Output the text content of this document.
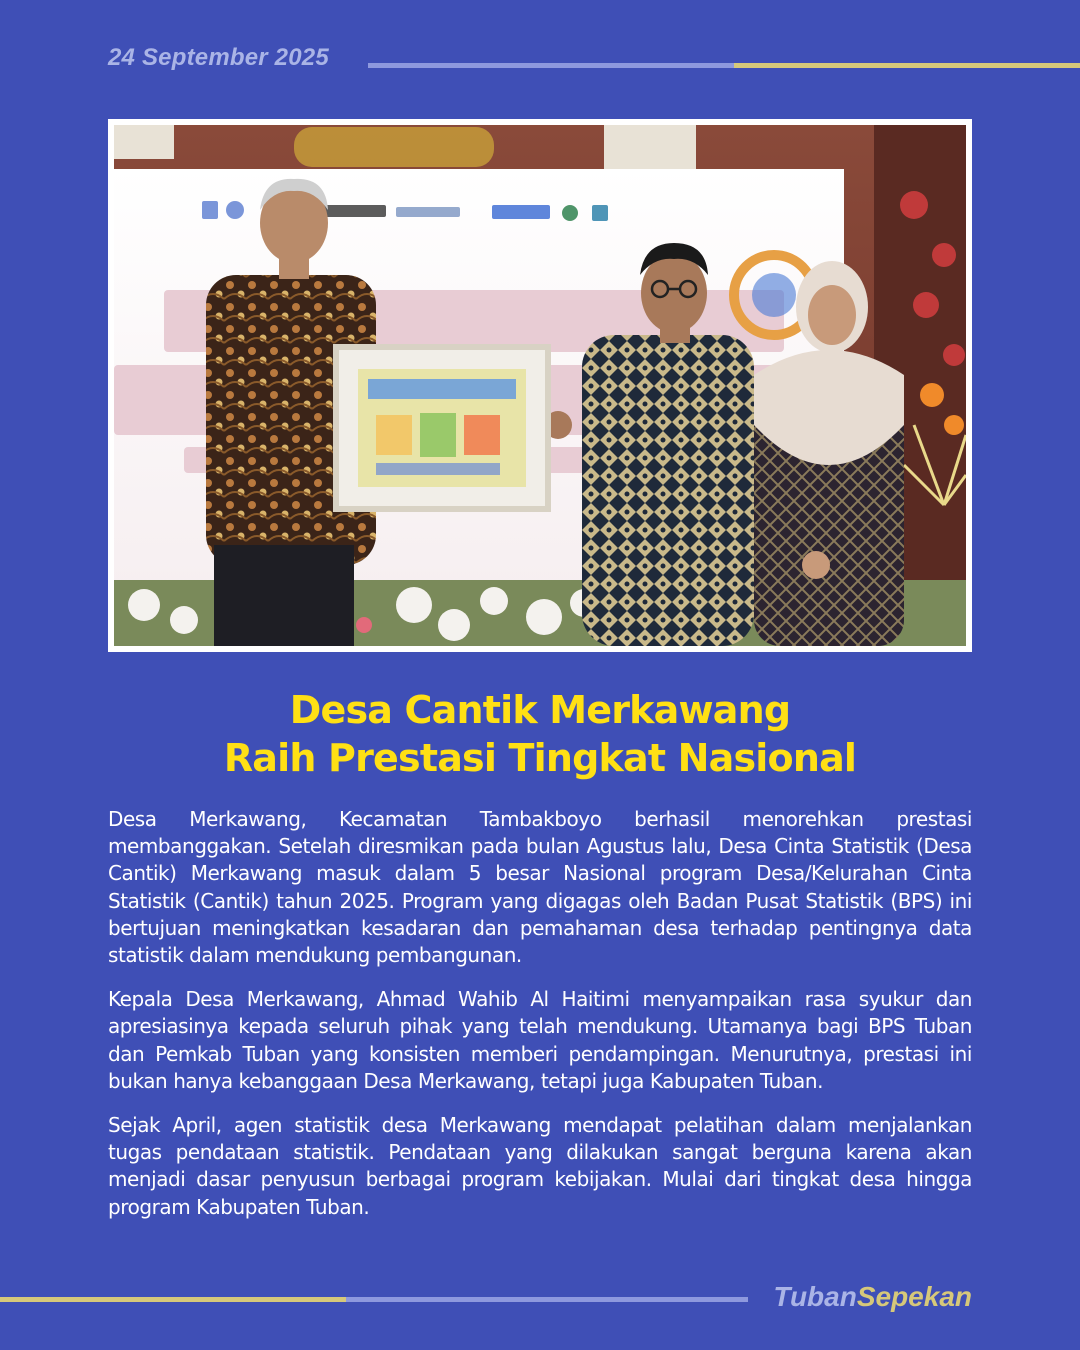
24 September 2025
Desa Cantik Merkawang
Raih Prestasi Tingkat Nasional

Desa Merkawang, Kecamatan Tambakboyo berhasil menorehkan prestasi membanggakan. Setelah diresmikan pada bulan Agustus lalu, Desa Cinta Statistik (Desa Cantik) Merkawang masuk dalam 5 besar Nasional program Desa/Kelurahan Cinta Statistik (Cantik) tahun 2025. Program yang digagas oleh Badan Pusat Statistik (BPS) ini bertujuan meningkatkan kesadaran dan pemahaman desa terhadap pentingnya data statistik dalam mendukung pembangunan.

Kepala Desa Merkawang, Ahmad Wahib Al Haitimi menyampaikan rasa syukur dan apresiasinya kepada seluruh pihak yang telah mendukung. Utamanya bagi BPS Tuban dan Pemkab Tuban yang konsisten memberi pendampingan. Menurutnya, prestasi ini bukan hanya kebanggaan Desa Merkawang, tetapi juga Kabupaten Tuban.

Sejak April, agen statistik desa Merkawang mendapat pelatihan dalam menjalankan tugas pendataan statistik. Pendataan yang dilakukan sangat berguna karena akan menjadi dasar penyusun berbagai program kebijakan. Mulai dari tingkat desa hingga program Kabupaten Tuban.

TubanSepekan
